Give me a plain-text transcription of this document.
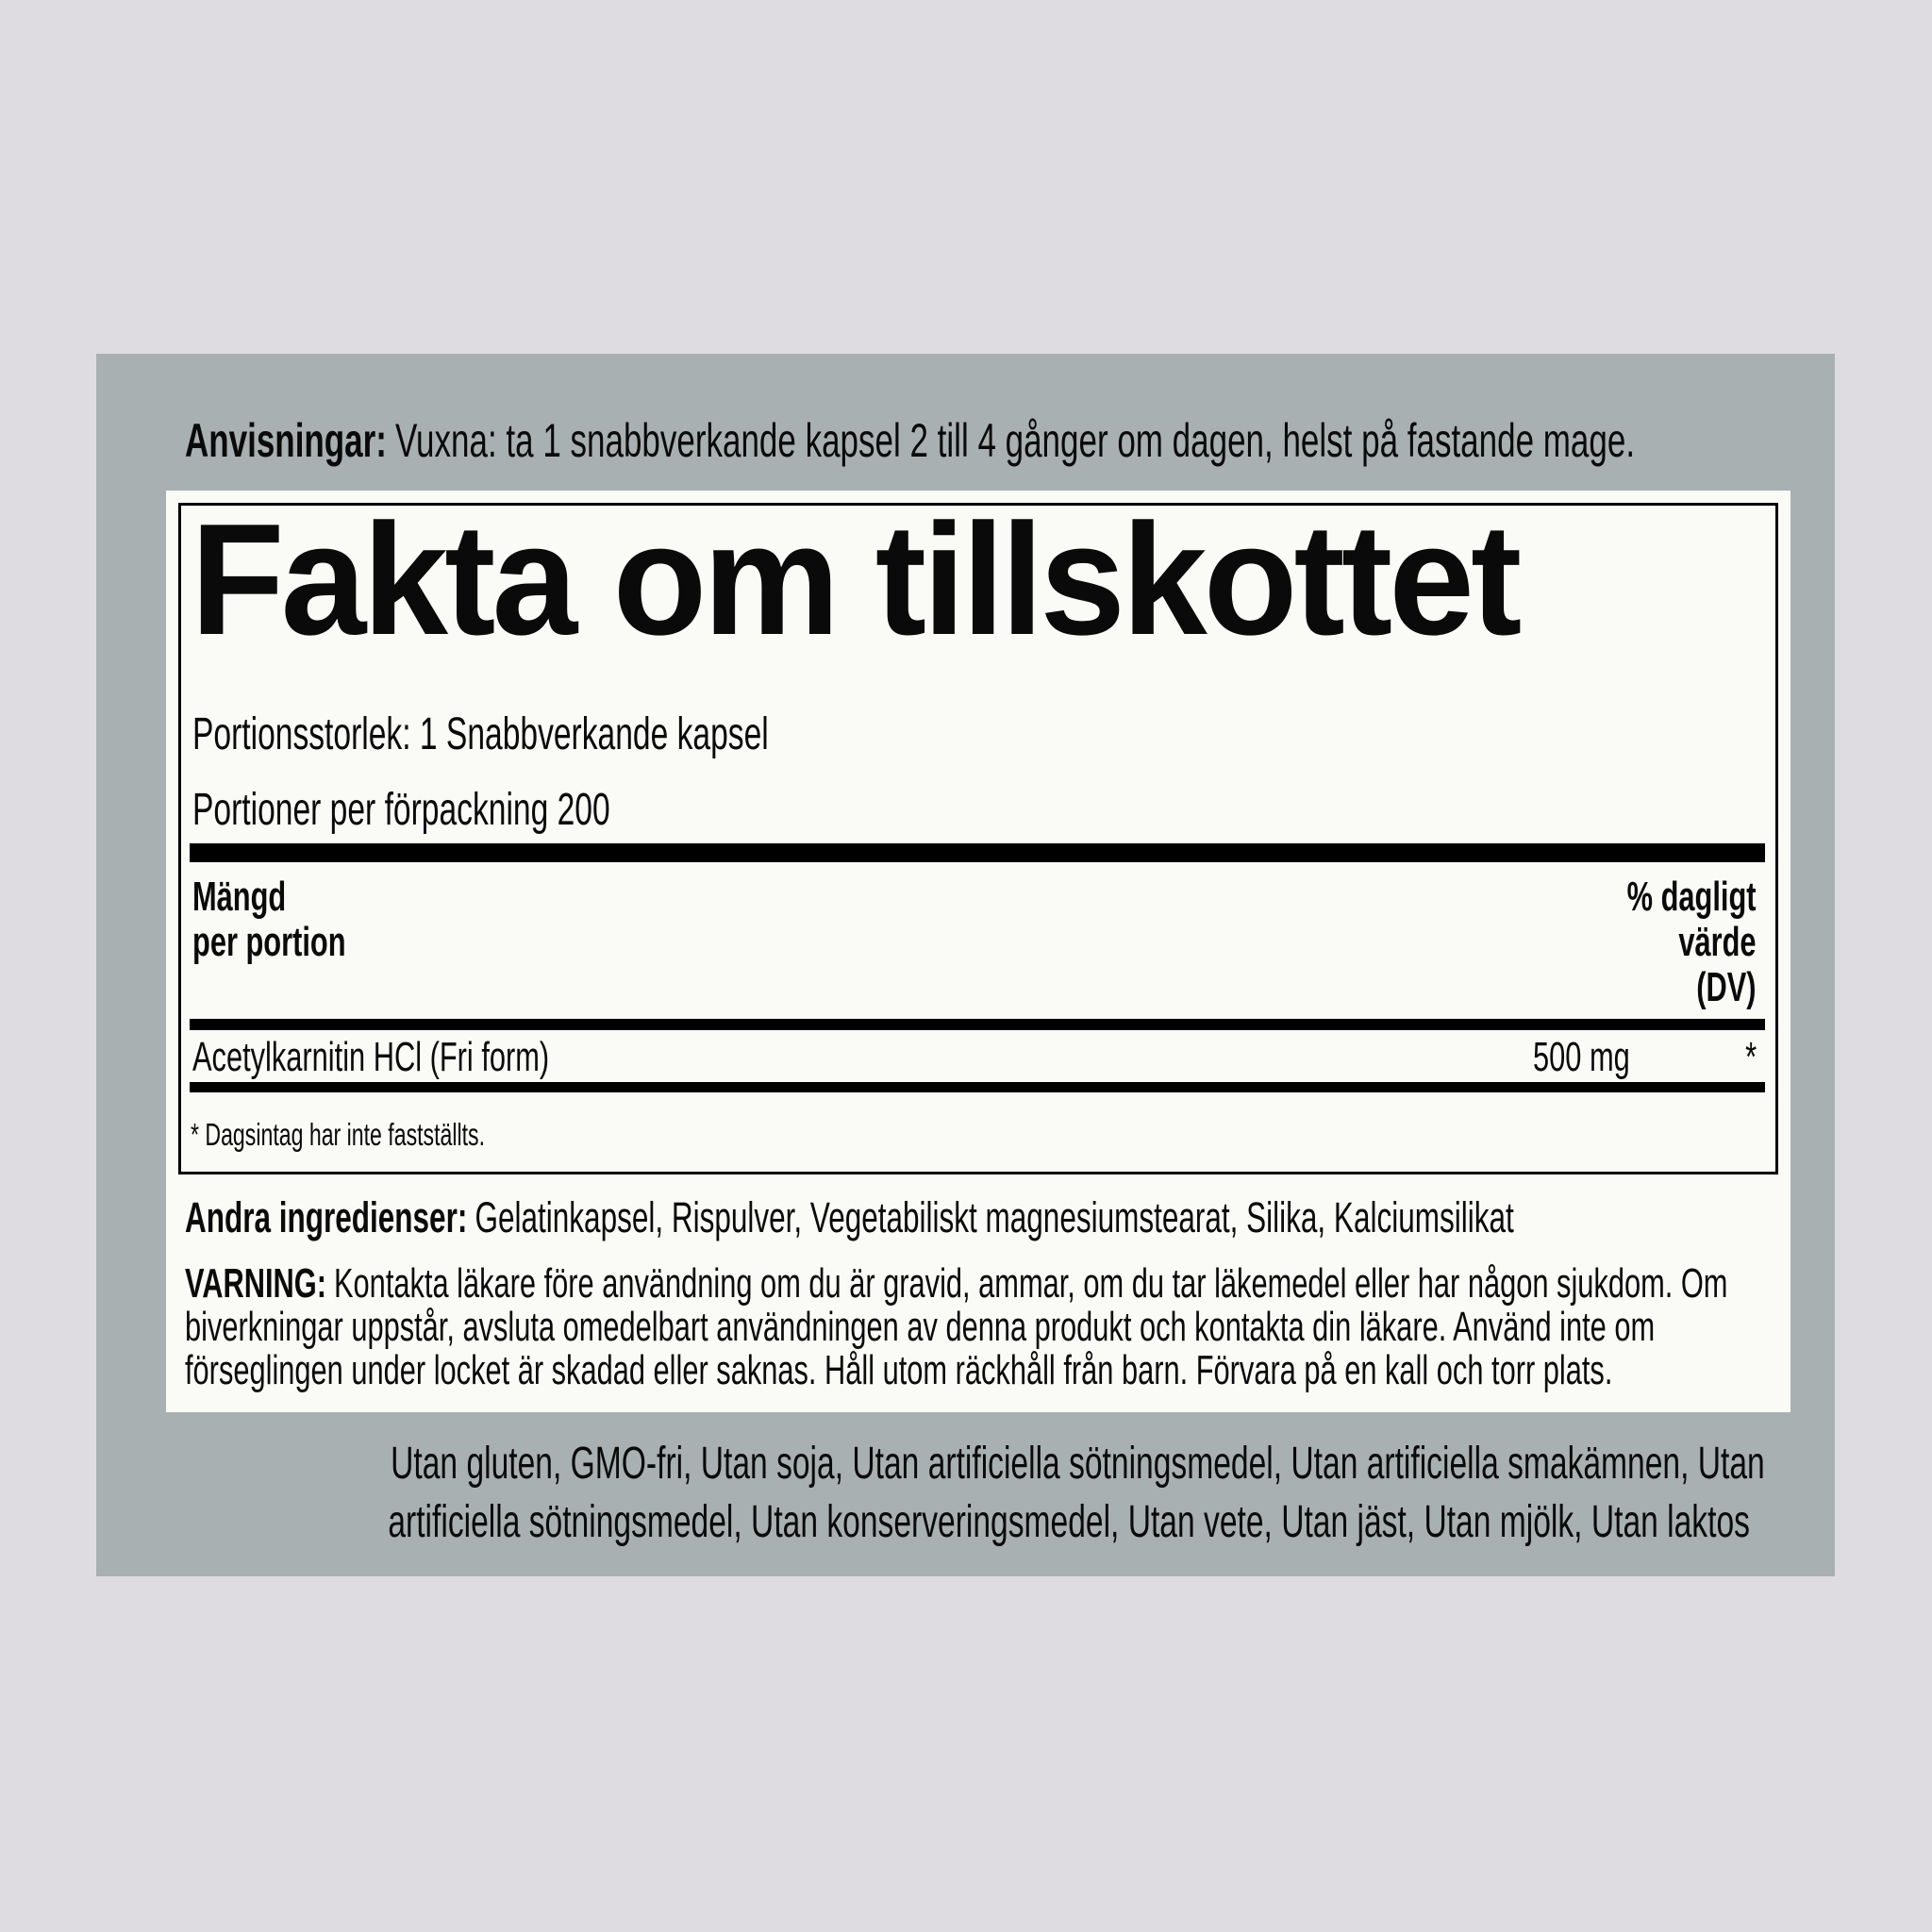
Anvisningar: Vuxna: ta 1 snabbverkande kapsel 2 till 4 gånger om dagen, helst på fastande mage.
Fakta om tillskottet
Portionsstorlek: 1 Snabbverkande kapsel
Portioner per förpackning 200
Mängd
per portion
% dagligt
värde
(DV)
Acetylkarnitin HCl (Fri form)	500 mg	*
* Dagsintag har inte fastställts.
Andra ingredienser: Gelatinkapsel, Rispulver, Vegetabiliskt magnesiumstearat, Silika, Kalciumsilikat
VARNING: Kontakta läkare före användning om du är gravid, ammar, om du tar läkemedel eller har någon sjukdom. Om
biverkningar uppstår, avsluta omedelbart användningen av denna produkt och kontakta din läkare. Använd inte om
förseglingen under locket är skadad eller saknas. Håll utom räckhåll från barn. Förvara på en kall och torr plats.
Utan gluten, GMO-fri, Utan soja, Utan artificiella sötningsmedel, Utan artificiella smakämnen, Utan
artificiella sötningsmedel, Utan konserveringsmedel, Utan vete, Utan jäst, Utan mjölk, Utan laktos
